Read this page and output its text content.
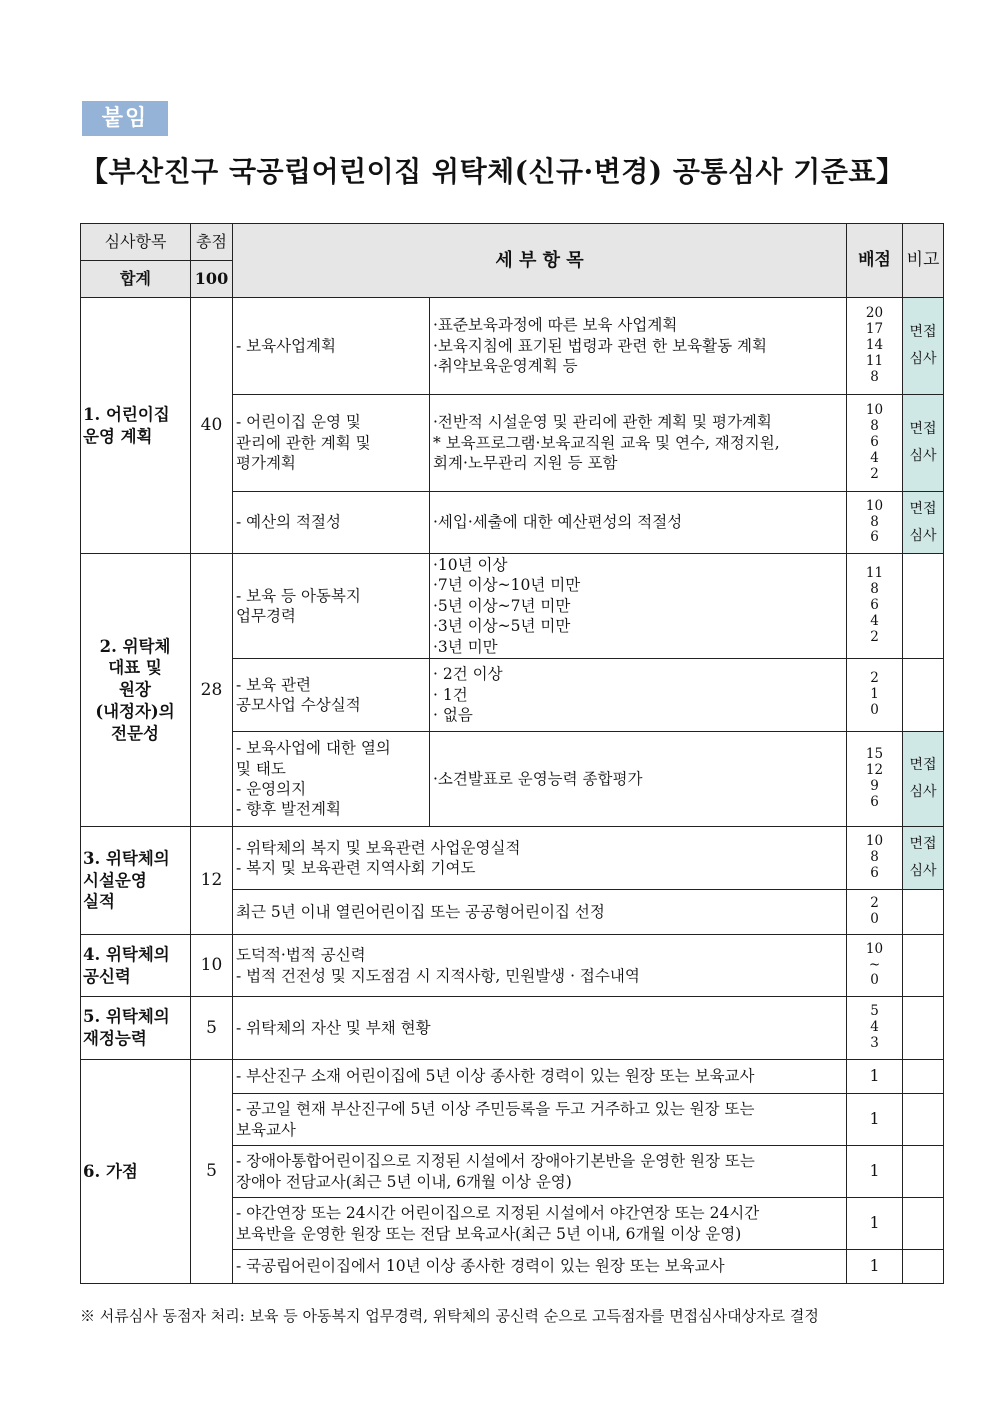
붙임
【부산진구 국공립어린이집 위탁체(신규·변경) 공통심사 기준표】
심사항목	총점	세 부 항 목		배점	비고
합계	100				

1. 어린이집
운영 계획	40	- 보육사업계획	·표준보육과정에 따른 보육 사업계획
·보육지침에 표기된 법령과 관련 한 보육활동 계획
·취약보육운영계획 등	20
17
14
11
8	면접
심사

		- 어린이집 운영 및
관리에 관한 계획 및
평가계획	·전반적 시설운영 및 관리에 관한 계획 및 평가계획
* 보육프로그램·보육교직원 교육 및 연수, 재정지원,
회계·노무관리 지원 등 포함	10
8
6
4
2	면접
심사

		- 예산의 적절성	·세입·세출에 대한 예산편성의 적절성	10
8
6	면접
심사

2. 위탁체
대표 및
원장
(내정자)의
전문성	28	- 보육 등 아동복지
업무경력	·10년 이상
·7년 이상~10년 미만
·5년 이상~7년 미만
·3년 이상~5년 미만
·3년 미만	11
8
6
4
2	

		- 보육 관련
공모사업 수상실적	· 2건 이상
· 1건
· 없음	2
1
0	

		- 보육사업에 대한 열의
및 태도
- 운영의지
- 향후 발전계획	·소견발표로 운영능력 종합평가	15
12
9
6	면접
심사

3. 위탁체의
시설운영
실적	12	- 위탁체의 복지 및 보육관련 사업운영실적
- 복지 및 보육관련 지역사회 기여도		10
8
6	면접
심사

		최근 5년 이내 열린어린이집 또는 공공형어린이집 선정		2
0	

4. 위탁체의
공신력	10	도덕적·법적 공신력
- 법적 건전성 및 지도점검 시 지적사항, 민원발생 · 접수내역		10
~
0	

5. 위탁체의
재정능력	5	- 위탁체의 자산 및 부채 현황		5
4
3	

6. 가점	5	- 부산진구 소재 어린이집에 5년 이상 종사한 경력이 있는 원장 또는 보육교사		1	

		- 공고일 현재 부산진구에 5년 이상 주민등록을 두고 거주하고 있는 원장 또는
보육교사		1	

		- 장애아통합어린이집으로 지정된 시설에서 장애아기본반을 운영한 원장 또는
장애아 전담교사(최근 5년 이내, 6개월 이상 운영)		1	

		- 야간연장 또는 24시간 어린이집으로 지정된 시설에서 야간연장 또는 24시간
보육반을 운영한 원장 또는 전담 보육교사(최근 5년 이내, 6개월 이상 운영)		1	

		- 국공립어린이집에서 10년 이상 종사한 경력이 있는 원장 또는 보육교사		1	

※ 서류심사 동점자 처리: 보육 등 아동복지 업무경력, 위탁체의 공신력 순으로 고득점자를 면접심사대상자로 결정
